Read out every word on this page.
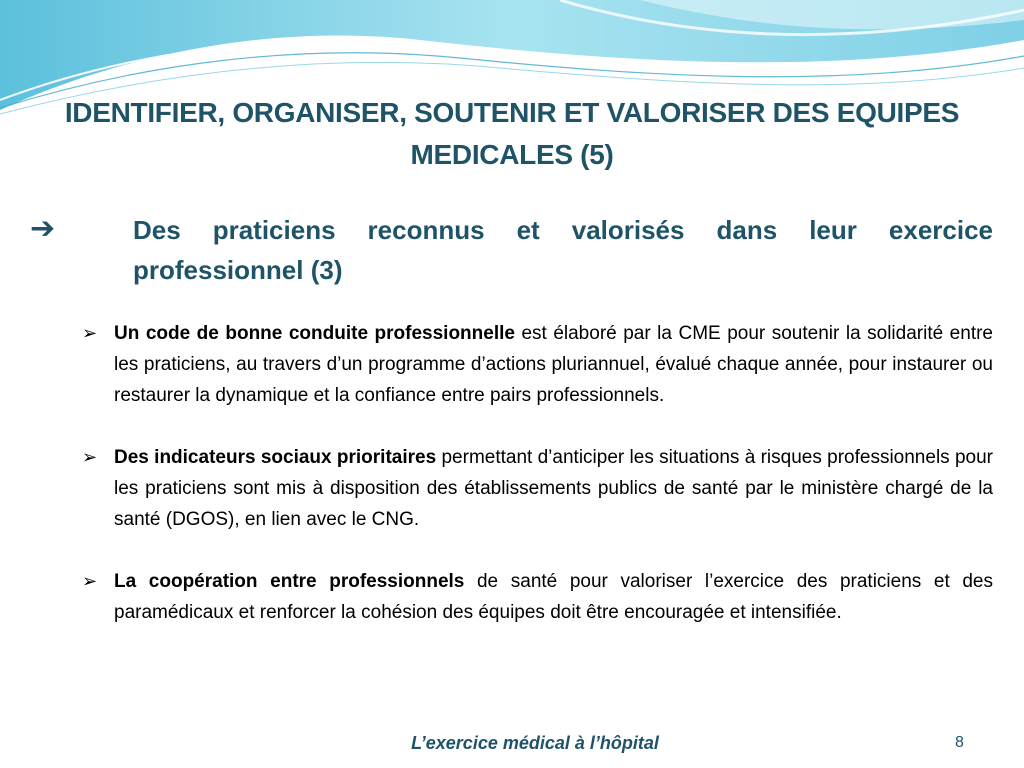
IDENTIFIER, ORGANISER, SOUTENIR ET VALORISER DES EQUIPES
MEDICALES (5)
➔	Des praticiens reconnus et valorisés dans leur exercice professionnel (3)
➢ Un code de bonne conduite professionnelle est élaboré par la CME pour soutenir la solidarité entre les praticiens, au travers d’un programme d’actions pluriannuel, évalué chaque année, pour instaurer ou restaurer la dynamique et la confiance entre pairs professionnels.
➢ Des indicateurs sociaux prioritaires permettant d’anticiper les situations à risques professionnels pour les praticiens sont mis à disposition des établissements publics de santé par le ministère chargé de la santé (DGOS), en lien avec le CNG.
➢ La coopération entre professionnels de santé pour valoriser l’exercice des praticiens et des paramédicaux et renforcer la cohésion des équipes doit être encouragée et intensifiée.
L’exercice médical à l’hôpital	8
